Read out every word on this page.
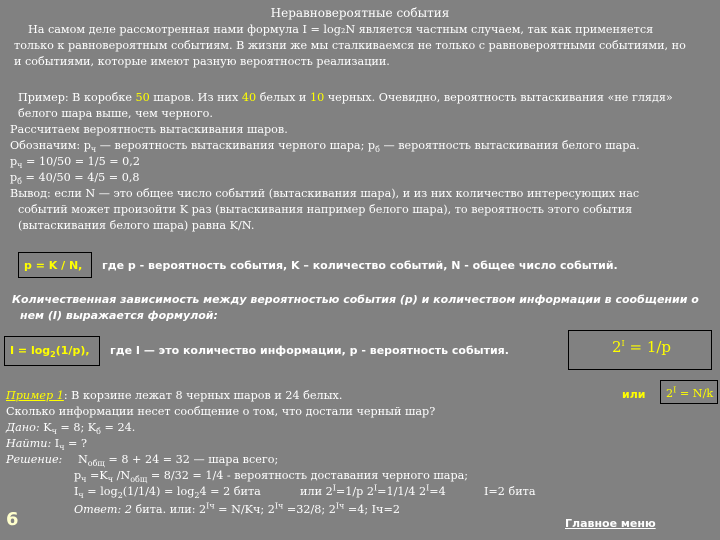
Неравновероятные события
На самом деле рассмотренная нами формула I = log₂N является частным случаем, так как применяется
только к равновероятным событиям. В жизни же мы сталкиваемся не только с равновероятными событиями, но
и событиями, которые имеют разную вероятность реализации.
Пример: В коробке 50 шаров. Из них 40 белых и 10 черных. Очевидно, вероятность вытаскивания «не глядя»
белого шара выше, чем черного.
Рассчитаем вероятность вытаскивания шаров.
Обозначим: $p_ч$ — вероятность вытаскивания черного шара; $p_б$ — вероятность вытаскивания белого шара.
$p_ч = 10/50 = 1/5 = 0,2$
$p_б = 40/50 = 4/5 = 0,8$
Вывод: если N — это общее число событий (вытаскивания шара), и из них количество интересующих нас
событий может произойти K раз (вытаскивания например белого шара), то вероятность этого события
(вытаскивания белого шара) равна K/N.
p = K / N, где p - вероятность события, K – количество событий, N - общее число событий.
Количественная зависимость между вероятностью события (p) и количеством информации в сообщении о
нем (I) выражается формулой:
$I = \log_2(1/p)$, где I — это количество информации, p - вероятность события.	$2^I = 1/p$
или $2^I = N/k$
Пример 1: В корзине лежат 8 черных шаров и 24 белых.
Сколько информации несет сообщение о том, что достали черный шар?
Дано: $K_ч = 8$; $K_б = 24$.
Найти: $I_ч$ = ?
Решение: $N_{общ} = 8 + 24 = 32$ — шара всего;
$p_ч =K_ч$ $/N_{общ} = 8/32 = 1/4$ - вероятность доставания черного шара;
$I_ч = \log_2(1/1/4) = \log_24 = 2$ бита	или $2^I=1/p$ $2^I=1/1/4$ $2^I=4$	I=2 бита
Ответ: 2 бита. или: $2^{Iч} = N/Kч$; $2^{Iч} =32/8$; $2^{Iч} =4$; Iч=2
6	Главное меню
